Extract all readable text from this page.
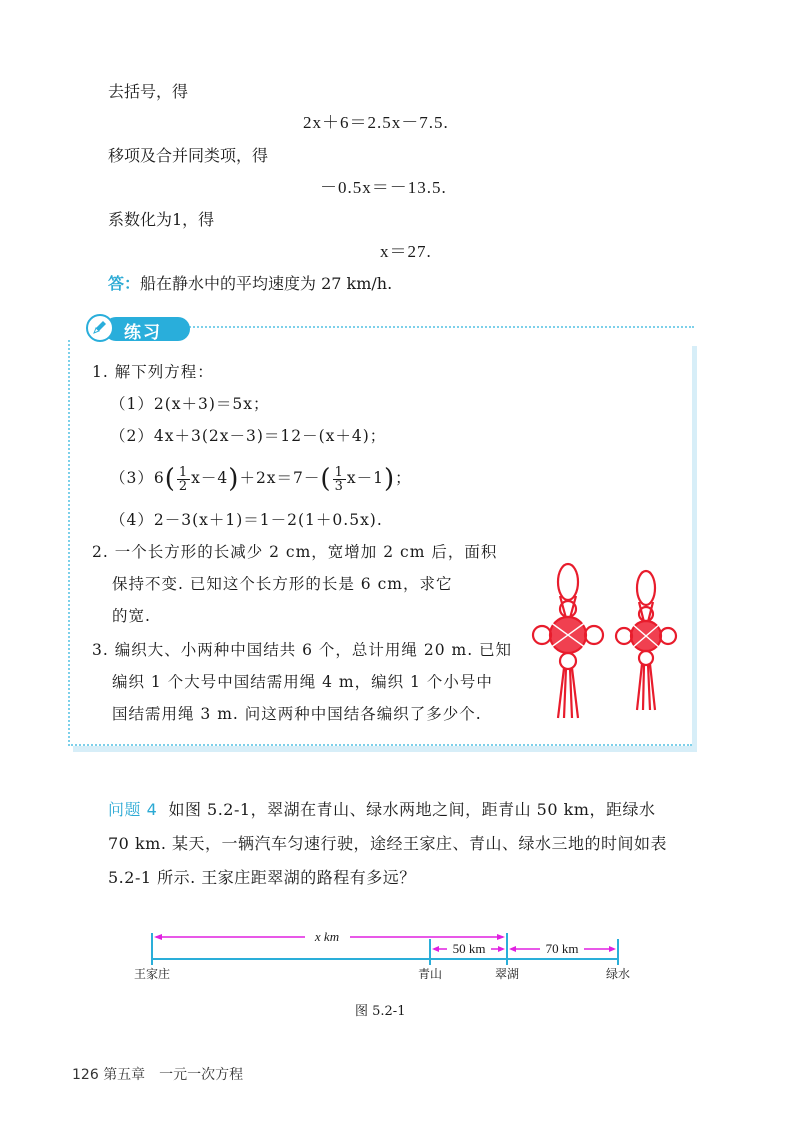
去括号，得
2x＋6＝2.5x－7.5.
移项及合并同类项，得
－0.5x＝－13.5.
系数化为1，得
x＝27.
答：船在静水中的平均速度为 27 km/h.
练习
1. 解下列方程：
（1）2(x＋3)＝5x；
（2）4x＋3(2x－3)＝12－(x＋4)；
$(3)6( \frac{1}{2} x-4)+2x=7-( \frac{1}{3} x-1)$；
（4）2－3(x＋1)＝1－2(1＋0.5x).
2. 一个长方形的长减少 2 cm，宽增加 2 cm 后，面积
保持不变. 已知这个长方形的长是 6 cm，求它
的宽.
3. 编织大、小两种中国结共 6 个，总计用绳 20 m. 已知
编织 1 个大号中国结需用绳 4 m，编织 1 个小号中
国结需用绳 3 m. 问这两种中国结各编织了多少个.
问题 4 如图 5.2-1，翠湖在青山、绿水两地之间，距青山 50 km，距绿水
70 km. 某天，一辆汽车匀速行驶，途经王家庄、青山、绿水三地的时间如表
5.2-1 所示. 王家庄距翠湖的路程有多远？
x km
50 km	70 km
王家庄	青山	翠湖	绿水
图 5.2-1
126 第五章　一元一次方程
